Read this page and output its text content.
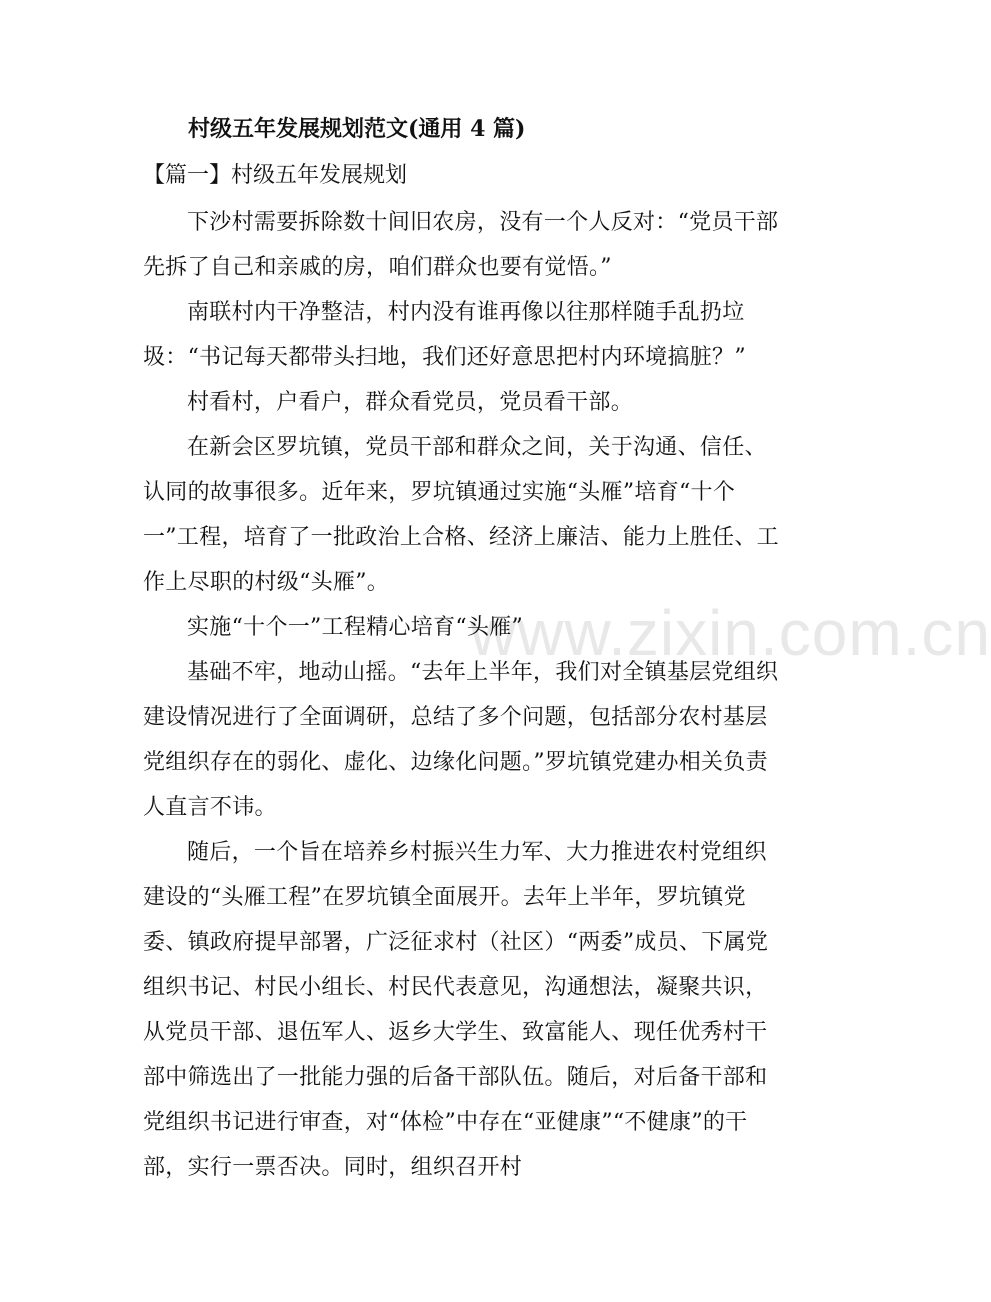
www.zixin.com.cn
村级五年发展规划范文(通用 4 篇)
【篇一】村级五年发展规划

下沙村需要拆除数十间旧农房，没有一个人反对：“党员干部先拆了自己和亲戚的房，咱们群众也要有觉悟。”

南联村内干净整洁，村内没有谁再像以往那样随手乱扔垃圾：“书记每天都带头扫地，我们还好意思把村内环境搞脏？”

村看村，户看户，群众看党员，党员看干部。

在新会区罗坑镇，党员干部和群众之间，关于沟通、信任、认同的故事很多。近年来，罗坑镇通过实施“头雁”培育“十个一”工程，培育了一批政治上合格、经济上廉洁、能力上胜任、工作上尽职的村级“头雁”。

实施“十个一”工程精心培育“头雁”

基础不牢，地动山摇。“去年上半年，我们对全镇基层党组织建设情况进行了全面调研，总结了多个问题，包括部分农村基层党组织存在的弱化、虚化、边缘化问题。”罗坑镇党建办相关负责人直言不讳。

随后，一个旨在培养乡村振兴生力军、大力推进农村党组织建设的“头雁工程”在罗坑镇全面展开。去年上半年，罗坑镇党委、镇政府提早部署，广泛征求村（社区）“两委”成员、下属党组织书记、村民小组长、村民代表意见，沟通想法，凝聚共识，从党员干部、退伍军人、返乡大学生、致富能人、现任优秀村干部中筛选出了一批能力强的后备干部队伍。随后，对后备干部和党组织书记进行审查，对“体检”中存在“亚健康”“不健康”的干部，实行一票否决。同时，组织召开村
